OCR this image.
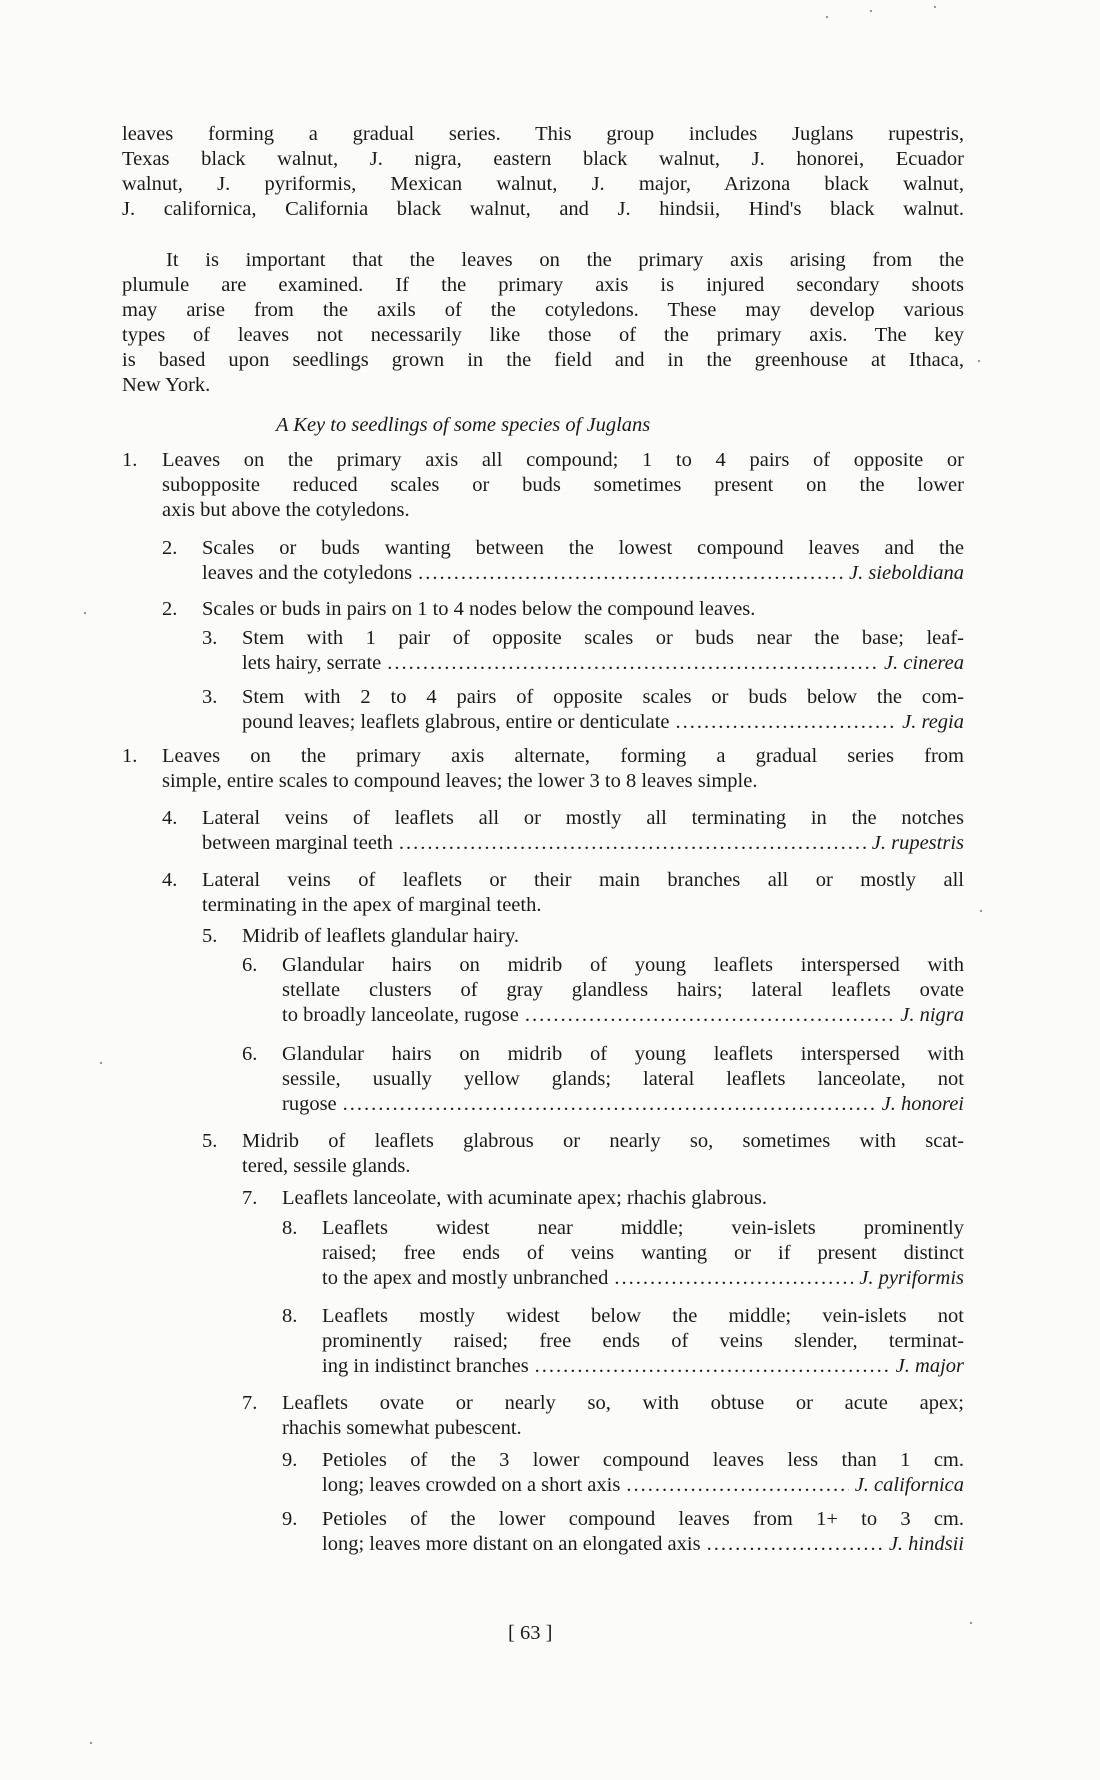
leaves forming a gradual series. This group includes Juglans rupestris,
Texas black walnut, J. nigra, eastern black walnut, J. honorei, Ecuador
walnut, J. pyriformis, Mexican walnut, J. major, Arizona black walnut,
J. californica, California black walnut, and J. hindsii, Hind's black walnut.
It is important that the leaves on the primary axis arising from the
plumule are examined. If the primary axis is injured secondary shoots
may arise from the axils of the cotyledons. These may develop various
types of leaves not necessarily like those of the primary axis. The key
is based upon seedlings grown in the field and in the greenhouse at Ithaca,
New York.
A Key to seedlings of some species of Juglans
1. Leaves on the primary axis all compound; 1 to 4 pairs of opposite or
subopposite reduced scales or buds sometimes present on the lower
axis but above the cotyledons.
2. Scales or buds wanting between the lowest compound leaves and the
leaves and the cotyledons .....	J. sieboldiana
2. Scales or buds in pairs on 1 to 4 nodes below the compound leaves.
3. Stem with 1 pair of opposite scales or buds near the base; leaf-
lets hairy, serrate .....	J. cinerea
3. Stem with 2 to 4 pairs of opposite scales or buds below the com-
pound leaves; leaflets glabrous, entire or denticulate .....	J. regia
1. Leaves on the primary axis alternate, forming a gradual series from
simple, entire scales to compound leaves; the lower 3 to 8 leaves simple.
4. Lateral veins of leaflets all or mostly all terminating in the notches
between marginal teeth .....	J. rupestris
4. Lateral veins of leaflets or their main branches all or mostly all
terminating in the apex of marginal teeth.
5. Midrib of leaflets glandular hairy.
6. Glandular hairs on midrib of young leaflets interspersed with
stellate clusters of gray glandless hairs; lateral leaflets ovate
to broadly lanceolate, rugose .....	J. nigra
6. Glandular hairs on midrib of young leaflets interspersed with
sessile, usually yellow glands; lateral leaflets lanceolate, not
rugose .....	J. honorei
5. Midrib of leaflets glabrous or nearly so, sometimes with scat-
tered, sessile glands.
7. Leaflets lanceolate, with acuminate apex; rhachis glabrous.
8. Leaflets widest near middle; vein-islets prominently
raised; free ends of veins wanting or if present distinct
to the apex and mostly unbranched .....	J. pyriformis
8. Leaflets mostly widest below the middle; vein-islets not
prominently raised; free ends of veins slender, terminat-
ing in indistinct branches .....	J. major
7. Leaflets ovate or nearly so, with obtuse or acute apex;
rhachis somewhat pubescent.
9. Petioles of the 3 lower compound leaves less than 1 cm.
long; leaves crowded on a short axis .....	J. californica
9. Petioles of the lower compound leaves from 1+ to 3 cm.
long; leaves more distant on an elongated axis .....	J. hindsii
[ 63 ]
